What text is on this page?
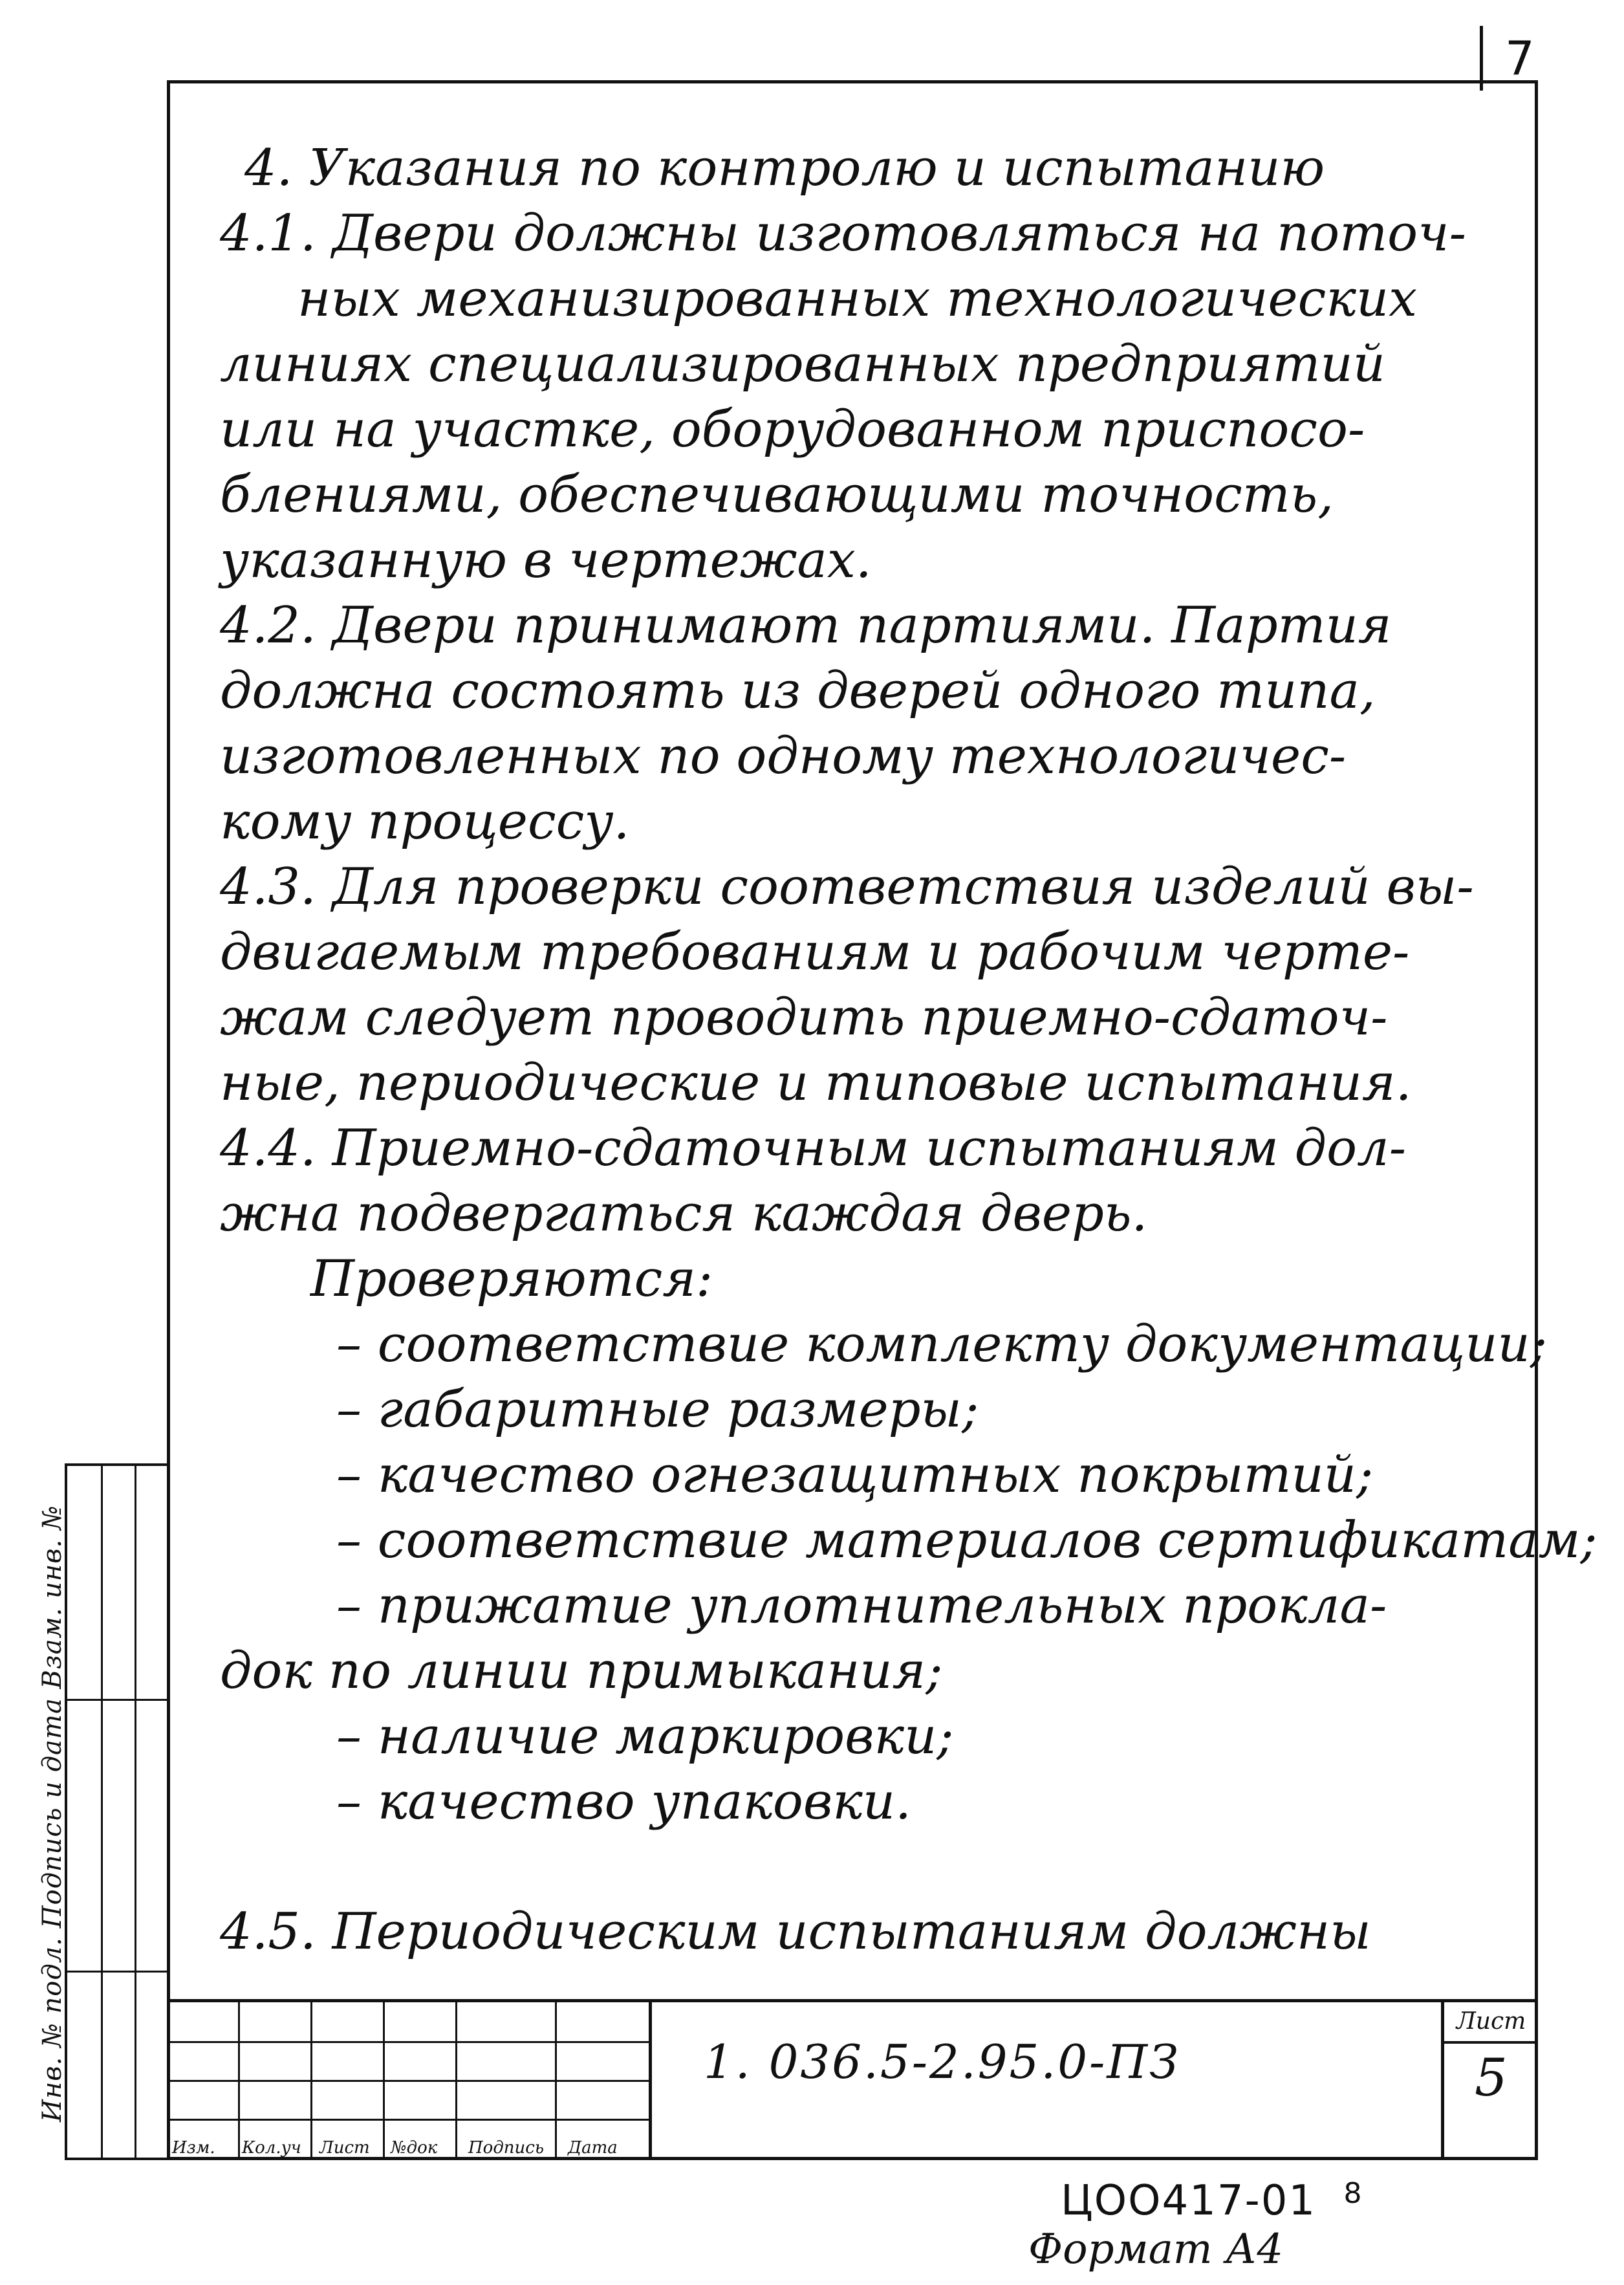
7
Инв. № подл. Подпись и дата Взам. инв. №
4. Указания по контролю и испытанию
4.1. Двери должны изготовляться на поточ-
ных механизированных технологических
линиях специализированных предприятий
или на участке, оборудованном приспосо-
блениями, обеспечивающими точность,
указанную в чертежах.
4.2. Двери принимают партиями. Партия
должна состоять из дверей одного типа,
изготовленных по одному технологичес-
кому процессу.
4.3. Для проверки соответствия изделий вы-
двигаемым требованиям и рабочим черте-
жам следует проводить приемно-сдаточ-
ные, периодические и типовые испытания.
4.4. Приемно-сдаточным испытаниям дол-
жна подвергаться каждая дверь.
Проверяются:
– соответствие комплекту документации;
– габаритные размеры;
– качество огнезащитных покрытий;
– соответствие материалов сертификатам;
– прижатие уплотнительных прокла-
док по линии примыкания;
– наличие маркировки;
– качество упаковки.
4.5. Периодическим испытаниям должны
Изм. Кол.уч Лист №док Подпись Дата
1. 036.5-2.95.0-ПЗ
Лист
5
ЦОО417-01 $^8$
Формат А4
